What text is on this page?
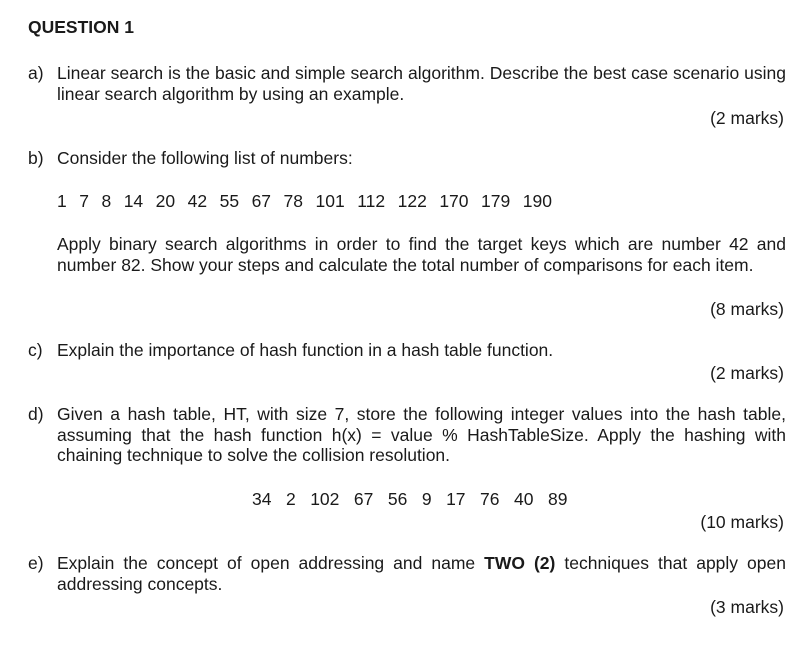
QUESTION 1
a) Linear search is the basic and simple search algorithm. Describe the best case scenario using linear search algorithm by using an example.
(2 marks)
b) Consider the following list of numbers:
1 7 8 14 20 42 55 67 78 101 112 122 170 179 190
Apply binary search algorithms in order to find the target keys which are number 42 and number 82. Show your steps and calculate the total number of comparisons for each item.
(8 marks)
c) Explain the importance of hash function in a hash table function.
(2 marks)
d) Given a hash table, HT, with size 7, store the following integer values into the hash table, assuming that the hash function h(x) = value % HashTableSize. Apply the hashing with chaining technique to solve the collision resolution.
34 2 102 67 56 9 17 76 40 89
(10 marks)
e) Explain the concept of open addressing and name TWO (2) techniques that apply open addressing concepts.
(3 marks)
